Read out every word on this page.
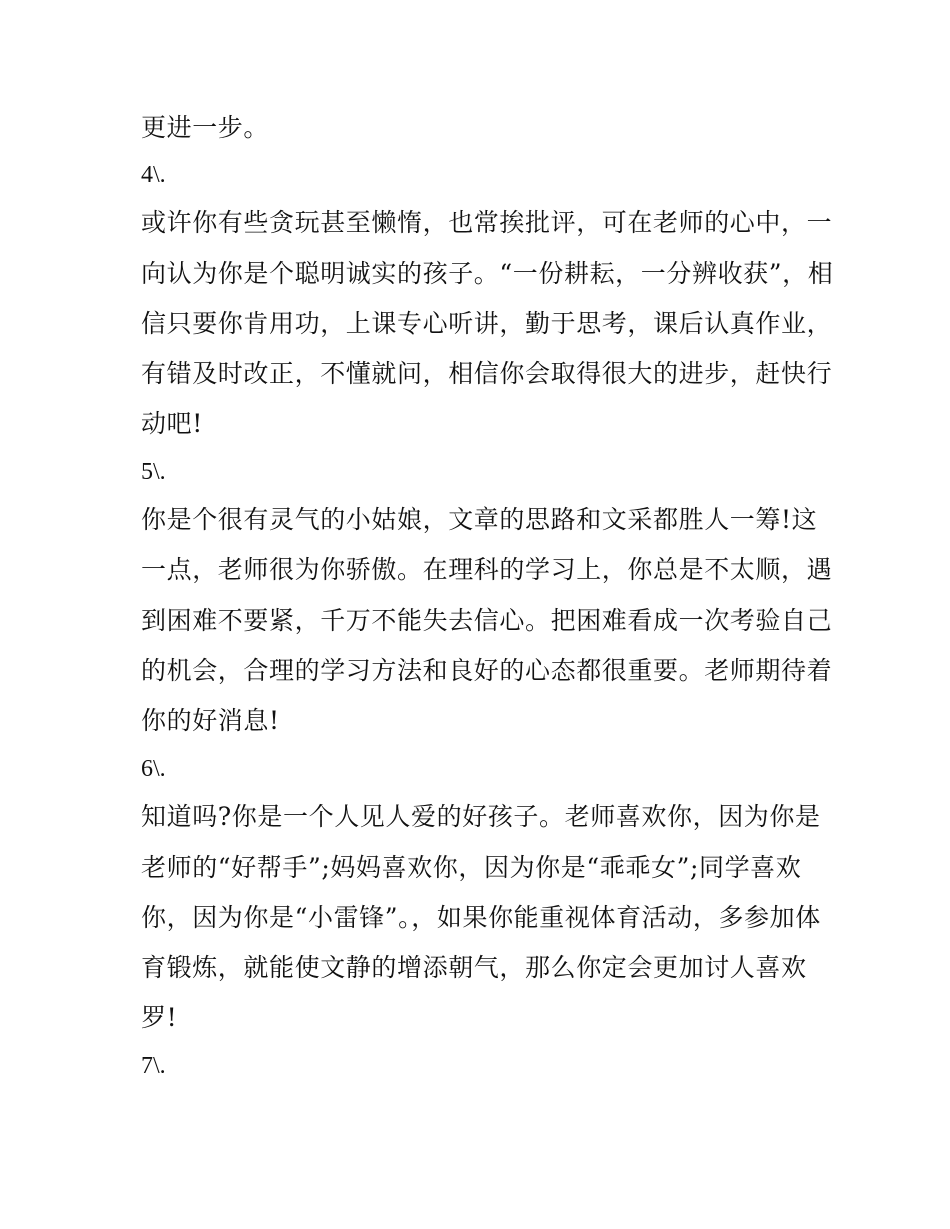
更进一步。
4\.
或许你有些贪玩甚至懒惰，也常挨批评，可在老师的心中，一
向认为你是个聪明诚实的孩子。“一份耕耘，一分辨收获”，相
信只要你肯用功，上课专心听讲，勤于思考，课后认真作业，
有错及时改正，不懂就问，相信你会取得很大的进步，赶快行
动吧!
5\.
你是个很有灵气的小姑娘，文章的思路和文采都胜人一筹!这
一点，老师很为你骄傲。在理科的学习上，你总是不太顺，遇
到困难不要紧，千万不能失去信心。把困难看成一次考验自己
的机会，合理的学习方法和良好的心态都很重要。老师期待着
你的好消息!
6\.
知道吗?你是一个人见人爱的好孩子。老师喜欢你，因为你是
老师的“好帮手”;妈妈喜欢你，因为你是“乖乖女”;同学喜欢
你，因为你是“小雷锋”。，如果你能重视体育活动，多参加体
育锻炼，就能使文静的增添朝气，那么你定会更加讨人喜欢
罗!
7\.
